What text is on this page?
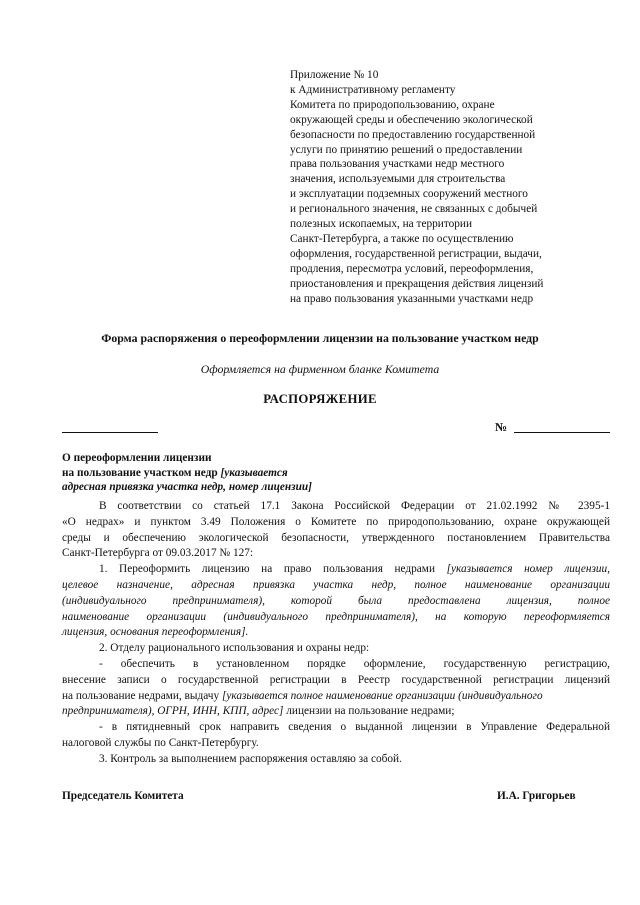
Приложение № 10
к Административному регламенту
Комитета по природопользованию, охране
окружающей среды и обеспечению экологической
безопасности по предоставлению государственной
услуги по принятию решений о предоставлении
права пользования участками недр местного
значения, используемыми для строительства
и эксплуатации подземных сооружений местного
и регионального значения, не связанных с добычей
полезных ископаемых, на территории
Санкт-Петербурга, а также по осуществлению
оформления, государственной регистрации, выдачи,
продления, пересмотра условий, переоформления,
приостановления и прекращения действия лицензий
на право пользования указанными участками недр
Форма распоряжения о переоформлении лицензии на пользование участком недр
Оформляется на фирменном бланке Комитета
РАСПОРЯЖЕНИЕ
№
О переоформлении лицензии
на пользование участком недр [указывается
адресная привязка участка недр, номер лицензии]
В соответствии со статьей 17.1 Закона Российской Федерации от 21.02.1992 № 2395-1
«О недрах» и пунктом 3.49 Положения о Комитете по природопользованию, охране окружающей
среды и обеспечению экологической безопасности, утвержденного постановлением Правительства
Санкт-Петербурга от 09.03.2017 № 127:
1. Переоформить лицензию на право пользования недрами [указывается номер лицензии,
целевое назначение, адресная привязка участка недр, полное наименование организации
(индивидуального предпринимателя), которой была предоставлена лицензия, полное
наименование организации (индивидуального предпринимателя), на которую переоформляется
лицензия, основания переоформления].
2. Отделу рационального использования и охраны недр:
- обеспечить в установленном порядке оформление, государственную регистрацию,
внесение записи о государственной регистрации в Реестр государственной регистрации лицензий
на пользование недрами, выдачу [указывается полное наименование организации (индивидуального
предпринимателя), ОГРН, ИНН, КПП, адрес] лицензии на пользование недрами;
- в пятидневный срок направить сведения о выданной лицензии в Управление Федеральной
налоговой службы по Санкт-Петербургу.
3. Контроль за выполнением распоряжения оставляю за собой.
Председатель Комитета	И.А. Григорьев
